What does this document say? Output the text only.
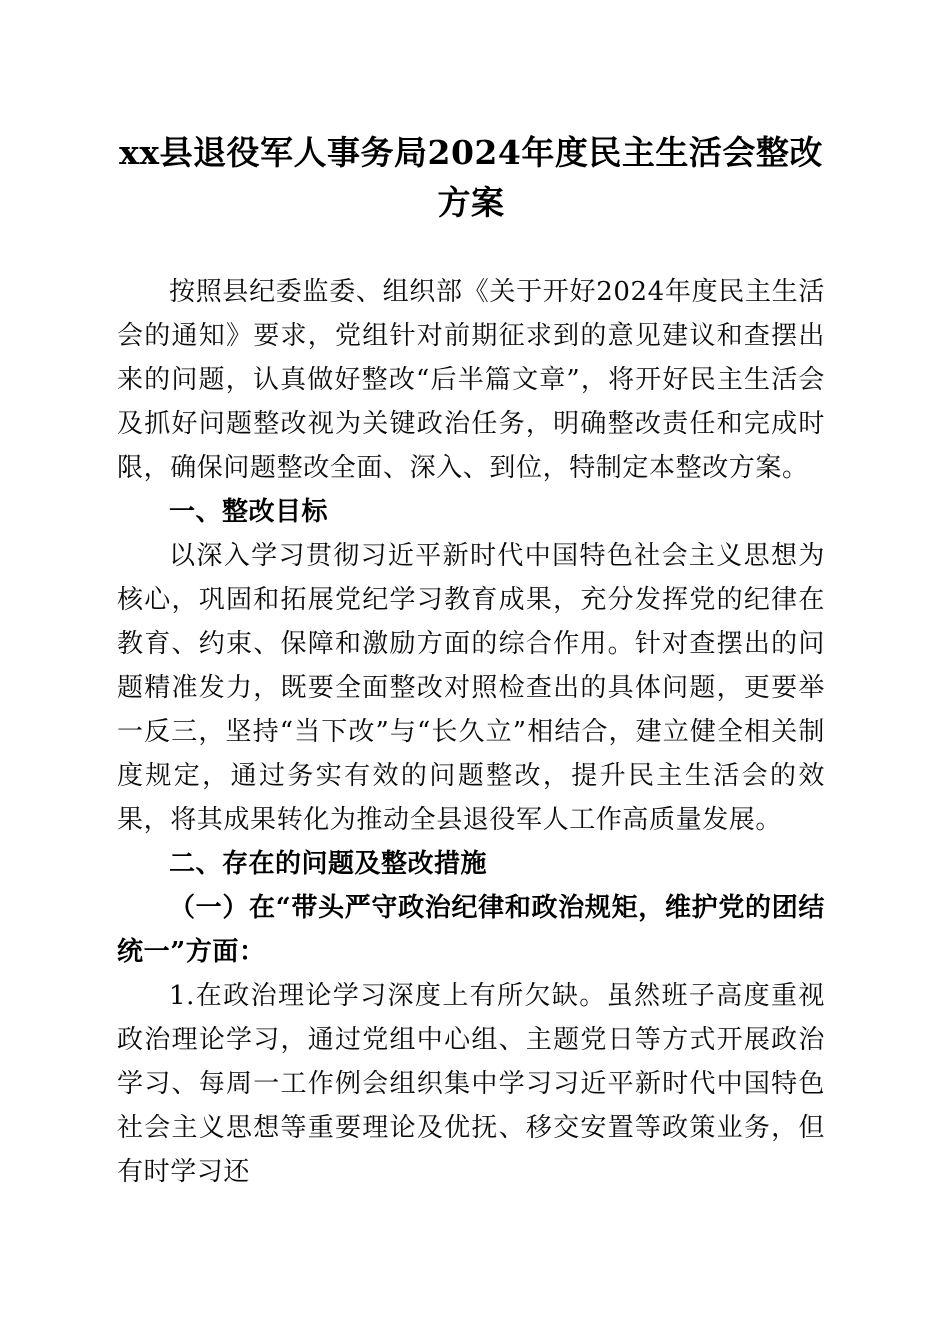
xx县退役军人事务局2024年度民主生活会整改方案

按照县纪委监委、组织部《关于开好2024年度民主生活会的通知》要求，党组针对前期征求到的意见建议和查摆出来的问题，认真做好整改“后半篇文章”，将开好民主生活会及抓好问题整改视为关键政治任务，明确整改责任和完成时限，确保问题整改全面、深入、到位，特制定本整改方案。

一、整改目标

以深入学习贯彻习近平新时代中国特色社会主义思想为核心，巩固和拓展党纪学习教育成果，充分发挥党的纪律在教育、约束、保障和激励方面的综合作用。针对查摆出的问题精准发力，既要全面整改对照检查出的具体问题，更要举一反三，坚持“当下改”与“长久立”相结合，建立健全相关制度规定，通过务实有效的问题整改，提升民主生活会的效果，将其成果转化为推动全县退役军人工作高质量发展。

二、存在的问题及整改措施

（一）在“带头严守政治纪律和政治规矩，维护党的团结统一”方面：

1.在政治理论学习深度上有所欠缺。虽然班子高度重视政治理论学习，通过党组中心组、主题党日等方式开展政治学习、每周一工作例会组织集中学习习近平新时代中国特色社会主义思想等重要理论及优抚、移交安置等政策业务，但有时学习还
